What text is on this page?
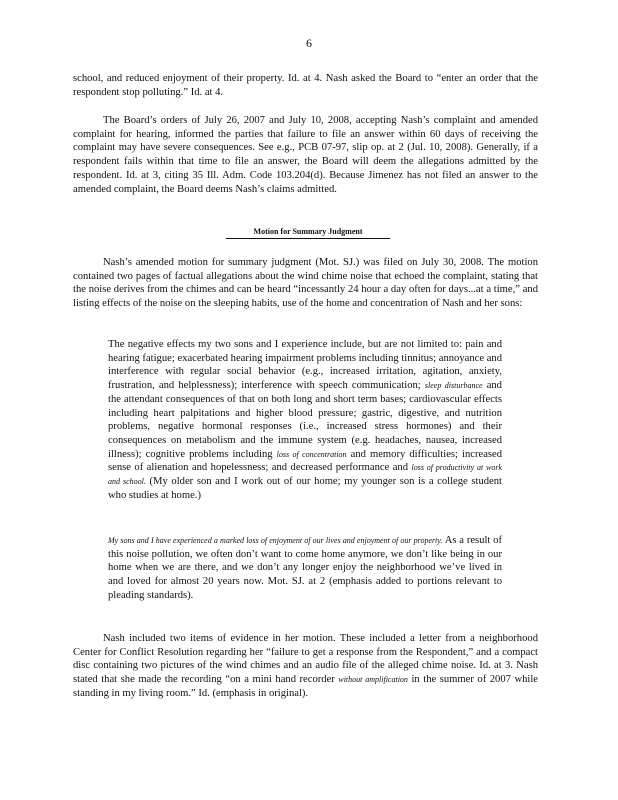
6

school, and reduced enjoyment of their property. Id. at 4. Nash asked the Board to “enter an order that the respondent stop polluting.” Id. at 4.

The Board’s orders of July 26, 2007 and July 10, 2008, accepting Nash’s complaint and amended complaint for hearing, informed the parties that failure to file an answer within 60 days of receiving the complaint may have severe consequences. See e.g., PCB 07-97, slip op. at 2 (Jul. 10, 2008). Generally, if a respondent fails within that time to file an answer, the Board will deem the allegations admitted by the respondent. Id. at 3, citing 35 Ill. Adm. Code 103.204(d). Because Jimenez has not filed an answer to the amended complaint, the Board deems Nash’s claims admitted.

Motion for Summary Judgment

Nash’s amended motion for summary judgment (Mot. SJ.) was filed on July 30, 2008. The motion contained two pages of factual allegations about the wind chime noise that echoed the complaint, stating that the noise derives from the chimes and can be heard “incessantly 24 hour a day often for days...at a time,” and listing effects of the noise on the sleeping habits, use of the home and concentration of Nash and her sons:

The negative effects my two sons and I experience include, but are not limited to: pain and hearing fatigue; exacerbated hearing impairment problems including tinnitus; annoyance and interference with regular social behavior (e.g., increased irritation, agitation, anxiety, frustration, and helplessness); interference with speech communication; sleep disturbance and the attendant consequences of that on both long and short term bases; cardiovascular effects including heart palpitations and higher blood pressure; gastric, digestive, and nutrition problems, negative hormonal responses (i.e., increased stress hormones) and their consequences on metabolism and the immune system (e.g. headaches, nausea, increased illness); cognitive problems including loss of concentration and memory difficulties; increased sense of alienation and hopelessness; and decreased performance and loss of productivity at work and school. (My older son and I work out of our home; my younger son is a college student who studies at home.)

My sons and I have experienced a marked loss of enjoyment of our lives and enjoyment of our property. As a result of this noise pollution, we often don’t want to come home anymore, we don’t like being in our home when we are there, and we don’t any longer enjoy the neighborhood we’ve lived in and loved for almost 20 years now. Mot. SJ. at 2 (emphasis added to portions relevant to pleading standards).

Nash included two items of evidence in her motion. These included a letter from a neighborhood Center for Conflict Resolution regarding her “failure to get a response from the Respondent,” and a compact disc containing two pictures of the wind chimes and an audio file of the alleged chime noise. Id. at 3. Nash stated that she made the recording “on a mini hand recorder without amplification in the summer of 2007 while standing in my living room.” Id. (emphasis in original).
